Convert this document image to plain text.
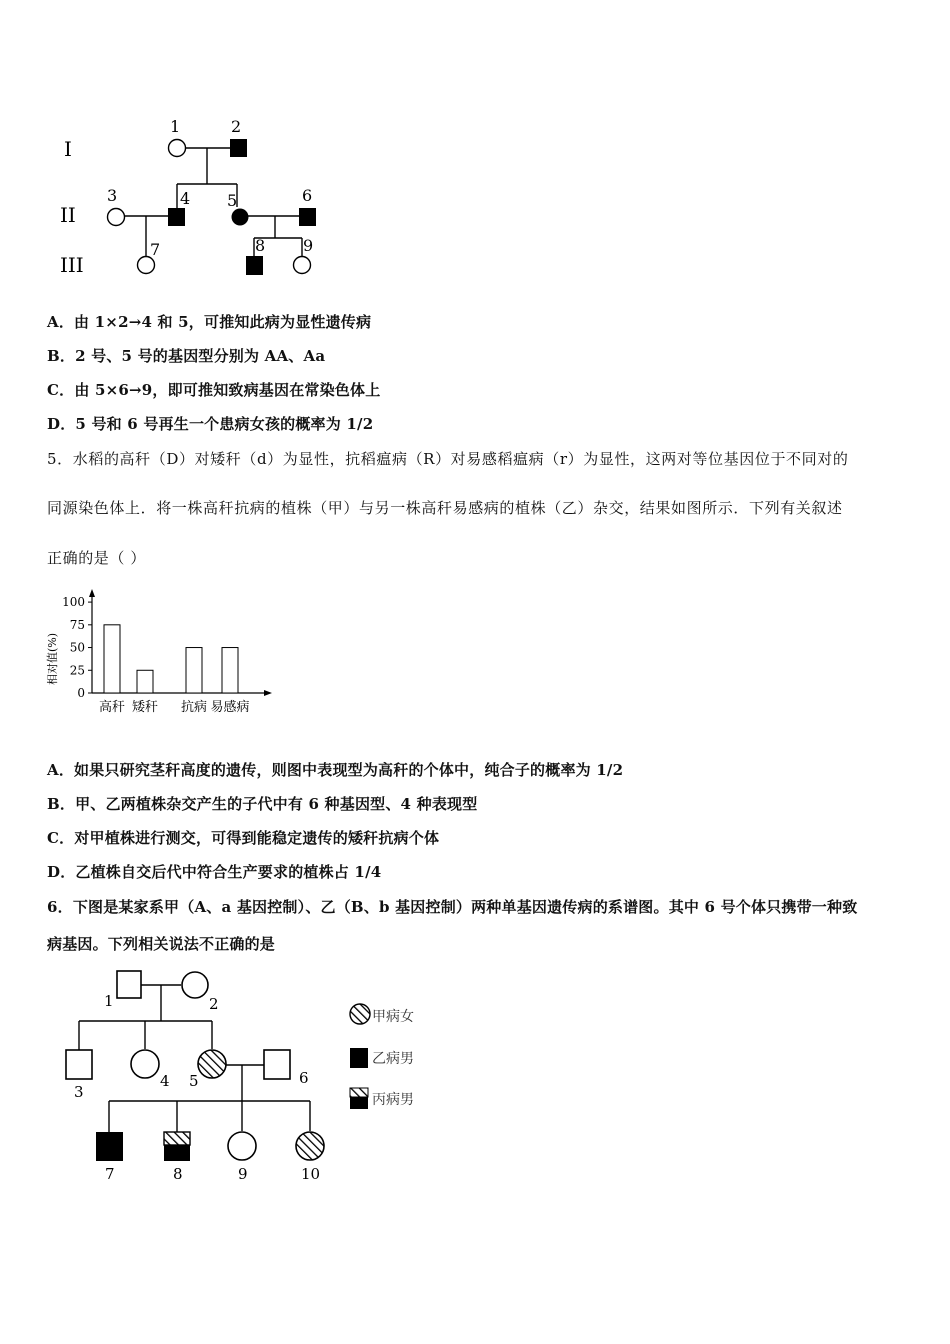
I
II
III
1	2
3	4 5	6
7	8 9
A．由 1×2→4 和 5，可推知此病为显性遗传病
B．2 号、5 号的基因型分别为 AA、Aa
C．由 5×6→9，即可推知致病基因在常染色体上
D．5 号和 6 号再生一个患病女孩的概率为 1/2
5．水稻的高秆（D）对矮秆（d）为显性，抗稻瘟病（R）对易感稻瘟病（r）为显性，这两对等位基因位于不同对的
同源染色体上．将一株高秆抗病的植株（甲）与另一株高秆易感病的植株（乙）杂交，结果如图所示．下列有关叙述
正确的是（ ）
0
25
50
75
100
高秆 矮秆 抗病 易感病
相对值(%)
A．如果只研究茎秆高度的遗传，则图中表现型为高秆的个体中，纯合子的概率为 1/2
B．甲、乙两植株杂交产生的子代中有 6 种基因型、4 种表现型
C．对甲植株进行测交，可得到能稳定遗传的矮秆抗病个体
D．乙植株自交后代中符合生产要求的植株占 1/4
6．下图是某家系甲（A、a 基因控制）、乙（B、b 基因控制）两种单基因遗传病的系谱图。其中 6 号个体只携带一种致
病基因。下列相关说法不正确的是
1	2
3
4 5	6
7	8	9	10
甲病女
乙病男
丙病男
